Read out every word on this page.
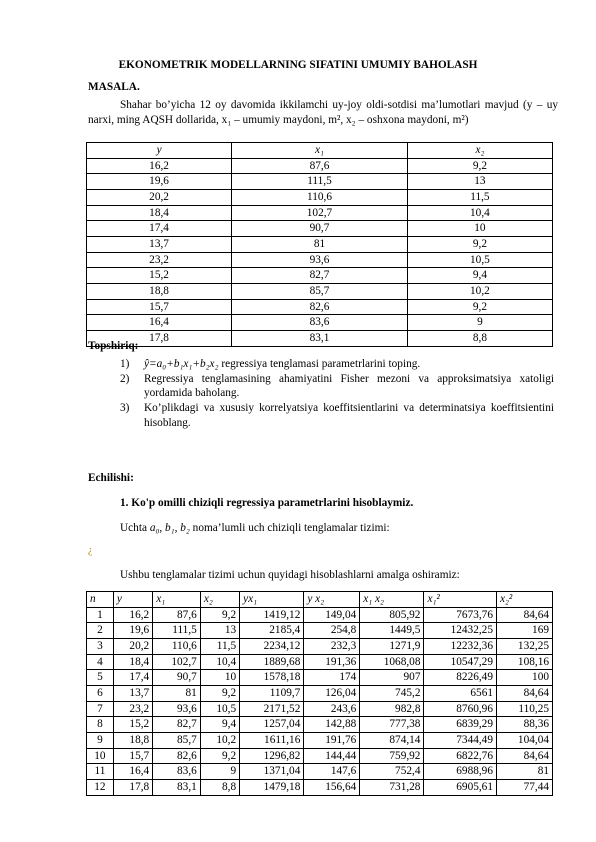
EKONOMETRIK MODELLARNING SIFATINI UMUMIY BAHOLASH
MASALA.
Shahar bo’yicha 12 oy davomida ikkilamchi uy-joy oldi-sotdisi ma’lumotlari mavjud (y – uy narxi, ming AQSH dollarida, x₁ – umumiy maydoni, m², x₂ – oshxona maydoni, m²)
y	x₁	x₂
16,2	87,6	9,2
19,6	111,5	13
20,2	110,6	11,5
18,4	102,7	10,4
17,4	90,7	10
13,7	81	9,2
23,2	93,6	10,5
15,2	82,7	9,4
18,8	85,7	10,2
15,7	82,6	9,2
16,4	83,6	9
17,8	83,1	8,8
Topshiriq:
1) ŷ=a₀+b₁x₁+b₂x₂ regressiya tenglamasi parametrlarini toping.
2) Regressiya tenglamasining ahamiyatini Fisher mezoni va approksimatsiya xatoligi yordamida baholang.
3) Ko’plikdagi va xususiy korrelyatsiya koeffitsientlarini va determinatsiya koeffitsientini hisoblang.
Echilishi:
1. Ko'p omilli chiziqli regressiya parametrlarini hisoblaymiz.
Uchta a₀, b₁, b₂ noma’lumli uch chiziqli tenglamalar tizimi:
¿
Ushbu tenglamalar tizimi uchun quyidagi hisoblashlarni amalga oshiramiz:
n	y	x₁	x₂	yx₁	y x₂	x₁ x₂	x₁²	x₂²
1	16,2	87,6	9,2	1419,12	149,04	805,92	7673,76	84,64
2	19,6	111,5	13	2185,4	254,8	1449,5	12432,25	169
3	20,2	110,6	11,5	2234,12	232,3	1271,9	12232,36	132,25
4	18,4	102,7	10,4	1889,68	191,36	1068,08	10547,29	108,16
5	17,4	90,7	10	1578,18	174	907	8226,49	100
6	13,7	81	9,2	1109,7	126,04	745,2	6561	84,64
7	23,2	93,6	10,5	2171,52	243,6	982,8	8760,96	110,25
8	15,2	82,7	9,4	1257,04	142,88	777,38	6839,29	88,36
9	18,8	85,7	10,2	1611,16	191,76	874,14	7344,49	104,04
10	15,7	82,6	9,2	1296,82	144,44	759,92	6822,76	84,64
11	16,4	83,6	9	1371,04	147,6	752,4	6988,96	81
12	17,8	83,1	8,8	1479,18	156,64	731,28	6905,61	77,44
